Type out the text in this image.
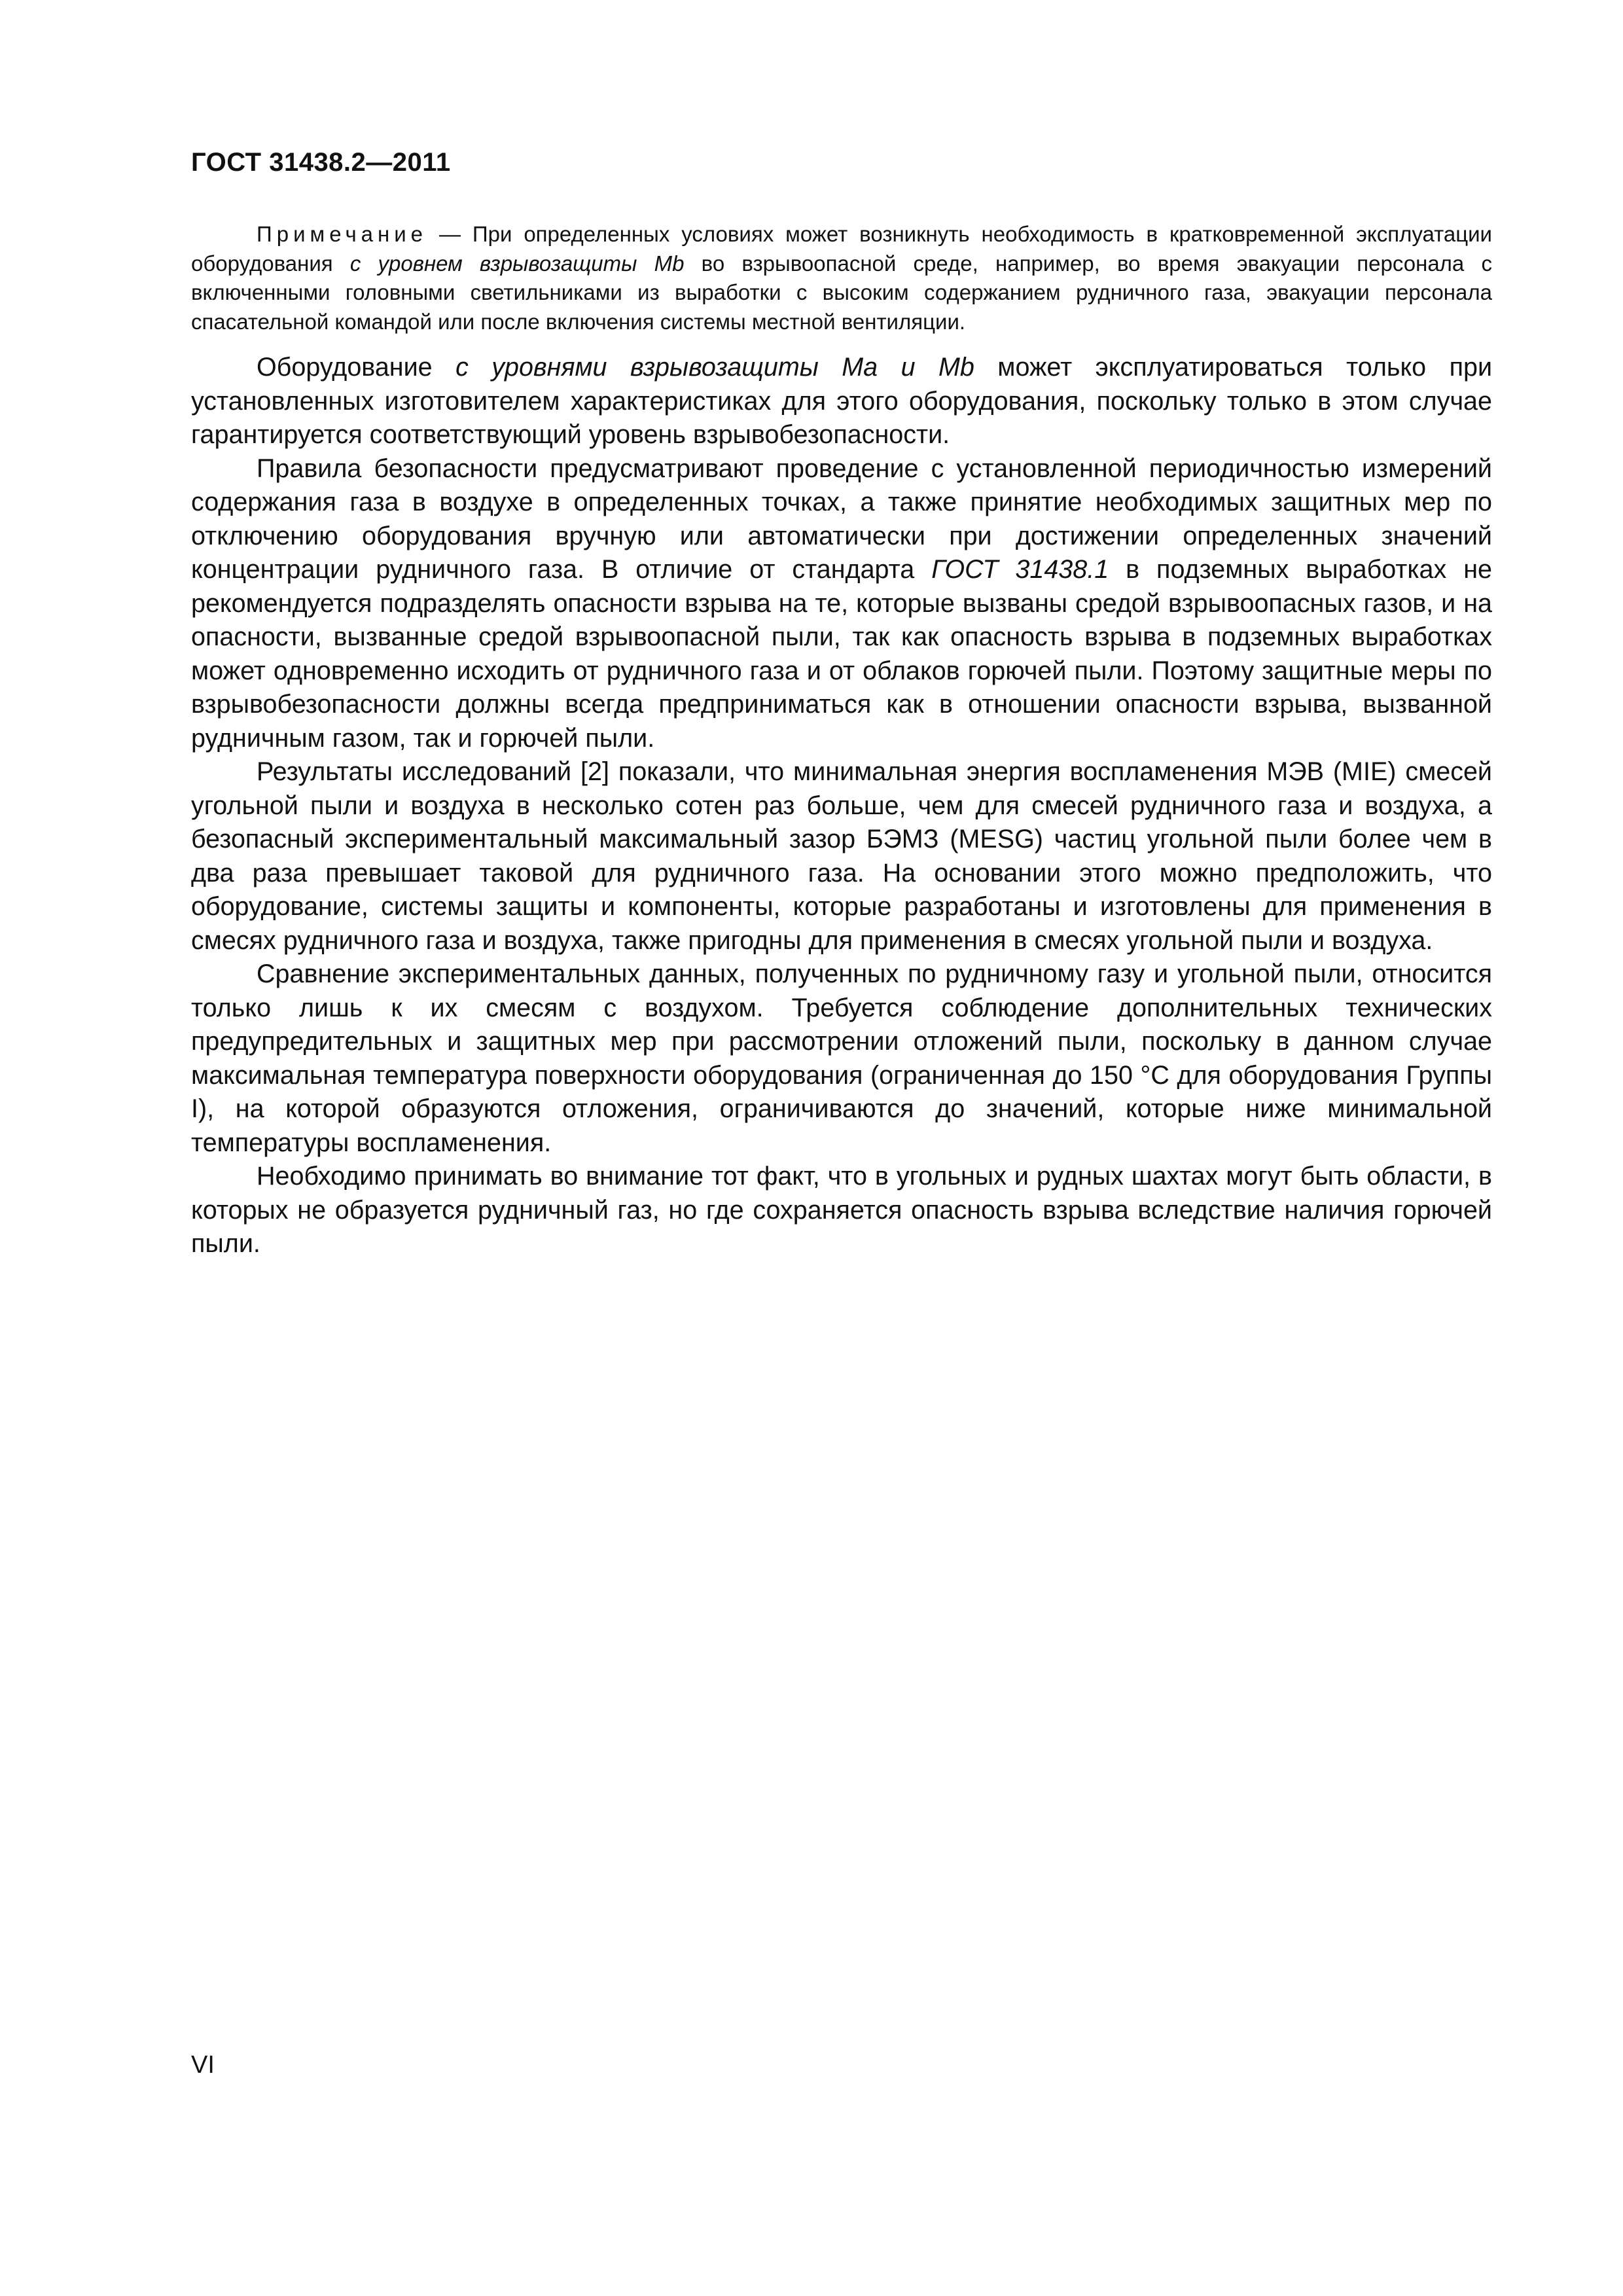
ГОСТ 31438.2—2011

Примечание — При определенных условиях может возникнуть необходимость в кратковременной эксплуатации оборудования с уровнем взрывозащиты Mb во взрывоопасной среде, например, во время эвакуации персонала с включенными головными светильниками из выработки с высоким содержанием рудничного газа, эвакуации персонала спасательной командой или после включения системы местной вентиляции.

Оборудование с уровнями взрывозащиты Ma и Mb может эксплуатироваться только при установленных изготовителем характеристиках для этого оборудования, поскольку только в этом случае гарантируется соответствующий уровень взрывобезопасности.

Правила безопасности предусматривают проведение с установленной периодичностью измерений содержания газа в воздухе в определенных точках, а также принятие необходимых защитных мер по отключению оборудования вручную или автоматически при достижении определенных значений концентрации рудничного газа. В отличие от стандарта ГОСТ 31438.1 в подземных выработках не рекомендуется подразделять опасности взрыва на те, которые вызваны средой взрывоопасных газов, и на опасности, вызванные средой взрывоопасной пыли, так как опасность взрыва в подземных выработках может одновременно исходить от рудничного газа и от облаков горючей пыли. Поэтому защитные меры по взрывобезопасности должны всегда предприниматься как в отношении опасности взрыва, вызванной рудничным газом, так и горючей пыли.

Результаты исследований [2] показали, что минимальная энергия воспламенения МЭВ (MIE) смесей угольной пыли и воздуха в несколько сотен раз больше, чем для смесей рудничного газа и воздуха, а безопасный экспериментальный максимальный зазор БЭМЗ (MESG) частиц угольной пыли более чем в два раза превышает таковой для рудничного газа. На основании этого можно предположить, что оборудование, системы защиты и компоненты, которые разработаны и изготовлены для применения в смесях рудничного газа и воздуха, также пригодны для применения в смесях угольной пыли и воздуха.

Сравнение экспериментальных данных, полученных по рудничному газу и угольной пыли, относится только лишь к их смесям с воздухом. Требуется соблюдение дополнительных технических предупредительных и защитных мер при рассмотрении отложений пыли, поскольку в данном случае максимальная температура поверхности оборудования (ограниченная до 150 °С для оборудования Группы I), на которой образуются отложения, ограничиваются до значений, которые ниже минимальной температуры воспламенения.

Необходимо принимать во внимание тот факт, что в угольных и рудных шахтах могут быть области, в которых не образуется рудничный газ, но где сохраняется опасность взрыва вследствие наличия горючей пыли.

VI
